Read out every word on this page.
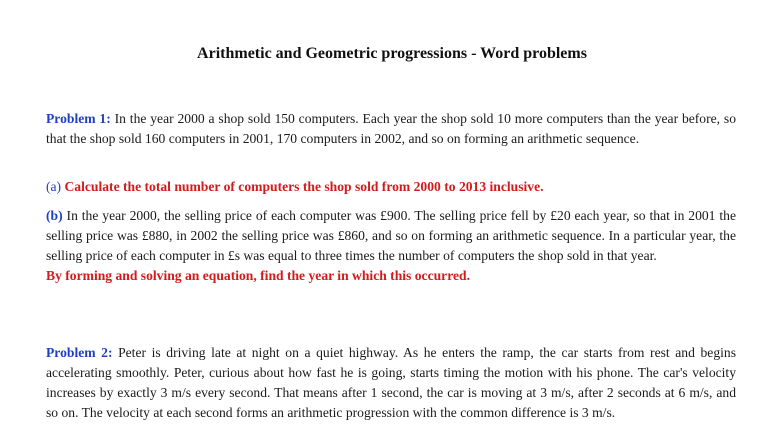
Arithmetic and Geometric progressions - Word problems
Problem 1: In the year 2000 a shop sold 150 computers. Each year the shop sold 10 more computers than the year before, so that the shop sold 160 computers in 2001, 170 computers in 2002, and so on forming an arithmetic sequence.
(a) Calculate the total number of computers the shop sold from 2000 to 2013 inclusive.
(b) In the year 2000, the selling price of each computer was £900. The selling price fell by £20 each year, so that in 2001 the selling price was £880, in 2002 the selling price was £860, and so on forming an arithmetic sequence. In a particular year, the selling price of each computer in £s was equal to three times the number of computers the shop sold in that year.
By forming and solving an equation, find the year in which this occurred.
Problem 2: Peter is driving late at night on a quiet highway. As he enters the ramp, the car starts from rest and begins accelerating smoothly. Peter, curious about how fast he is going, starts timing the motion with his phone. The car's velocity increases by exactly 3 m/s every second. That means after 1 second, the car is moving at 3 m/s, after 2 seconds at 6 m/s, and so on. The velocity at each second forms an arithmetic progression with the common difference is 3 m/s.
